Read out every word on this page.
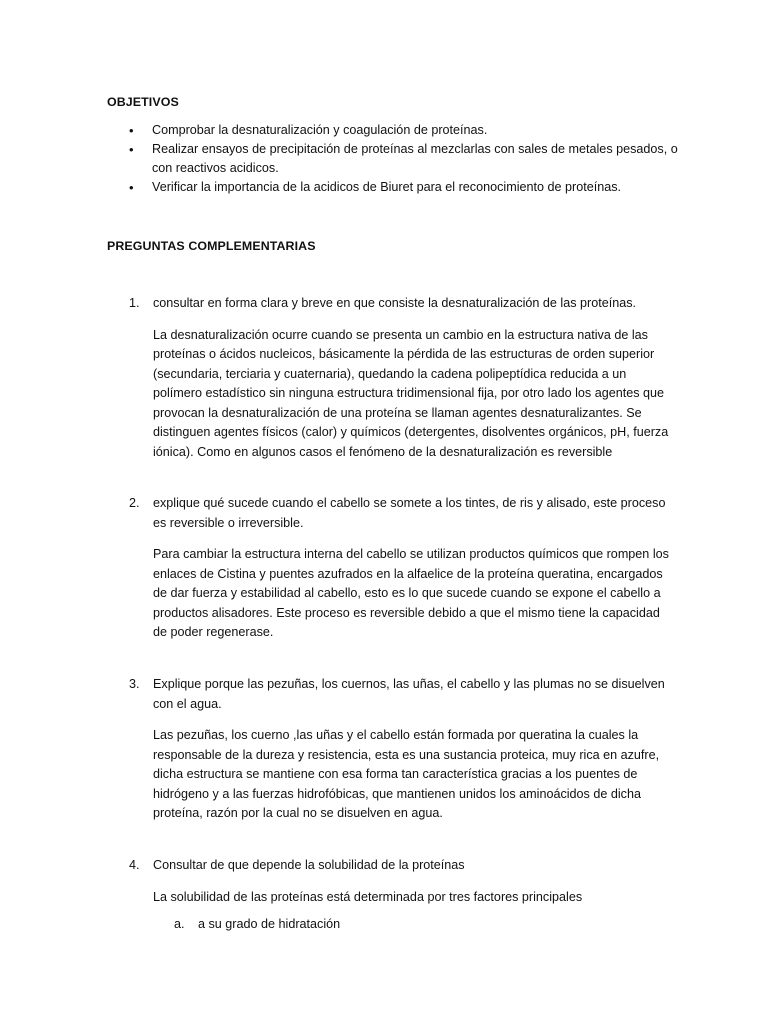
OBJETIVOS
• Comprobar la desnaturalización y coagulación de proteínas.
• Realizar ensayos de precipitación de proteínas al mezclarlas con sales de metales pesados, o con reactivos acidicos.
• Verificar la importancia de la acidicos de Biuret para el reconocimiento de proteínas.
PREGUNTAS COMPLEMENTARIAS
1. consultar en forma clara y breve en que consiste la desnaturalización de las proteínas.
La desnaturalización ocurre cuando se presenta un cambio en la estructura nativa de las proteínas o ácidos nucleicos, básicamente la pérdida de las estructuras de orden superior (secundaria, terciaria y cuaternaria), quedando la cadena polipeptídica reducida a un polímero estadístico sin ninguna estructura tridimensional fija, por otro lado los agentes que provocan la desnaturalización de una proteína se llaman agentes desnaturalizantes. Se distinguen agentes físicos (calor) y químicos (detergentes, disolventes orgánicos, pH, fuerza iónica). Como en algunos casos el fenómeno de la desnaturalización es reversible
2. explique qué sucede cuando el cabello se somete a los tintes, de ris y alisado, este proceso es reversible o irreversible.
Para cambiar la estructura interna del cabello se utilizan productos químicos que rompen los enlaces de Cistina y puentes azufrados en la alfaelice de la proteína queratina, encargados de dar fuerza y estabilidad al cabello, esto es lo que sucede cuando se expone el cabello a productos alisadores. Este proceso es reversible debido a que el mismo tiene la capacidad de poder regenerase.
3. Explique porque las pezuñas, los cuernos, las uñas, el cabello y las plumas no se disuelven con el agua.
Las pezuñas, los cuerno ,las uñas y el cabello están formada por queratina la cuales la responsable de la dureza y resistencia, esta es una sustancia proteica, muy rica en azufre, dicha estructura se mantiene con esa forma tan característica gracias a los puentes de hidrógeno y a las fuerzas hidrofóbicas, que mantienen unidos los aminoácidos de dicha proteína, razón por la cual no se disuelven en agua.
4. Consultar de que depende la solubilidad de la proteínas
La solubilidad de las proteínas está determinada por tres factores principales
a. a su grado de hidratación
